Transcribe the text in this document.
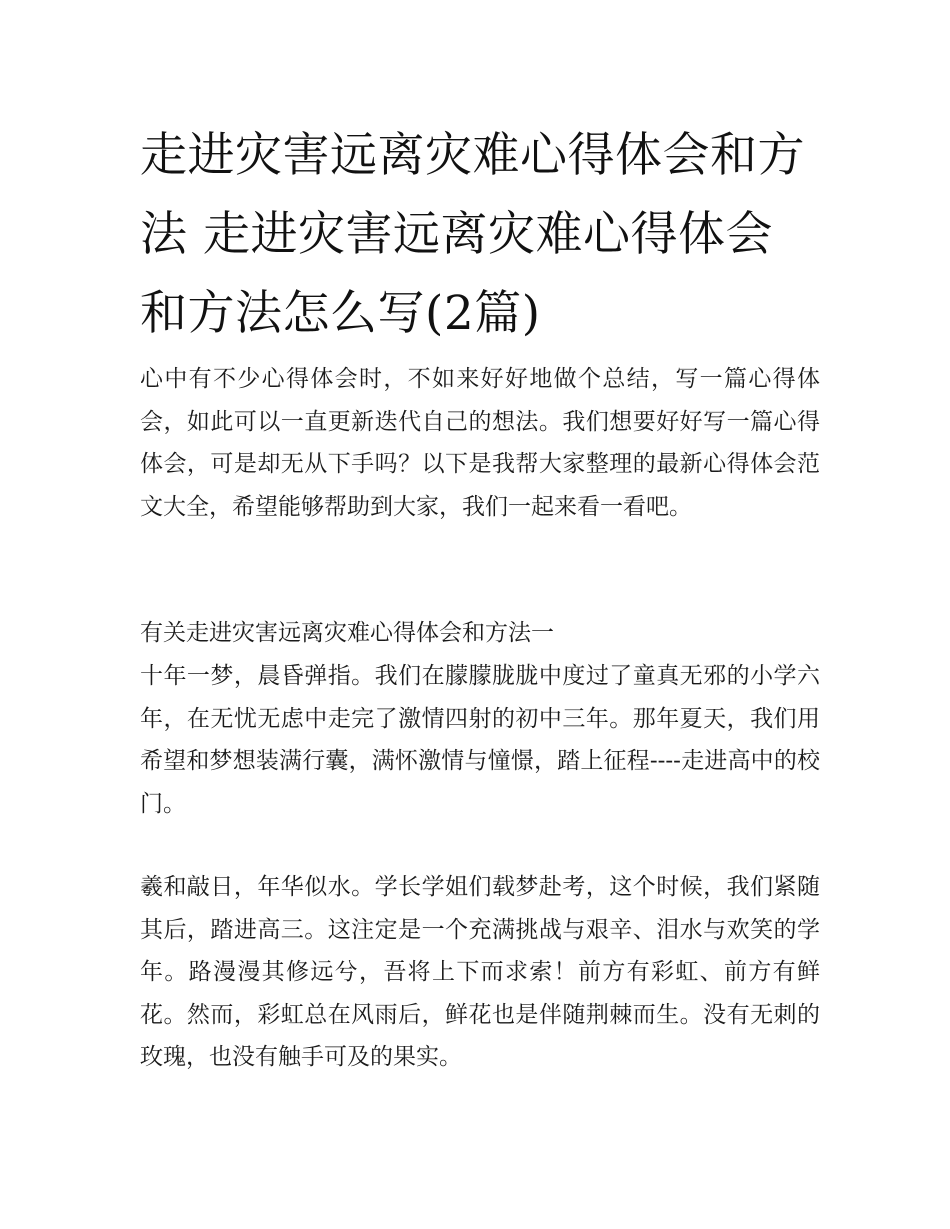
走进灾害远离灾难心得体会和方法 走进灾害远离灾难心得体会和方法怎么写(2篇)

心中有不少心得体会时，不如来好好地做个总结，写一篇心得体会，如此可以一直更新迭代自己的想法。我们想要好好写一篇心得体会，可是却无从下手吗？以下是我帮大家整理的最新心得体会范文大全，希望能够帮助到大家，我们一起来看一看吧。

有关走进灾害远离灾难心得体会和方法一

十年一梦，晨昏弹指。我们在朦朦胧胧中度过了童真无邪的小学六年，在无忧无虑中走完了激情四射的初中三年。那年夏天，我们用希望和梦想装满行囊，满怀激情与憧憬，踏上征程----走进高中的校门。

羲和敲日，年华似水。学长学姐们载梦赴考，这个时候，我们紧随其后，踏进高三。这注定是一个充满挑战与艰辛、泪水与欢笑的学年。路漫漫其修远兮，吾将上下而求索！前方有彩虹、前方有鲜花。然而，彩虹总在风雨后，鲜花也是伴随荆棘而生。没有无刺的玫瑰，也没有触手可及的果实。
